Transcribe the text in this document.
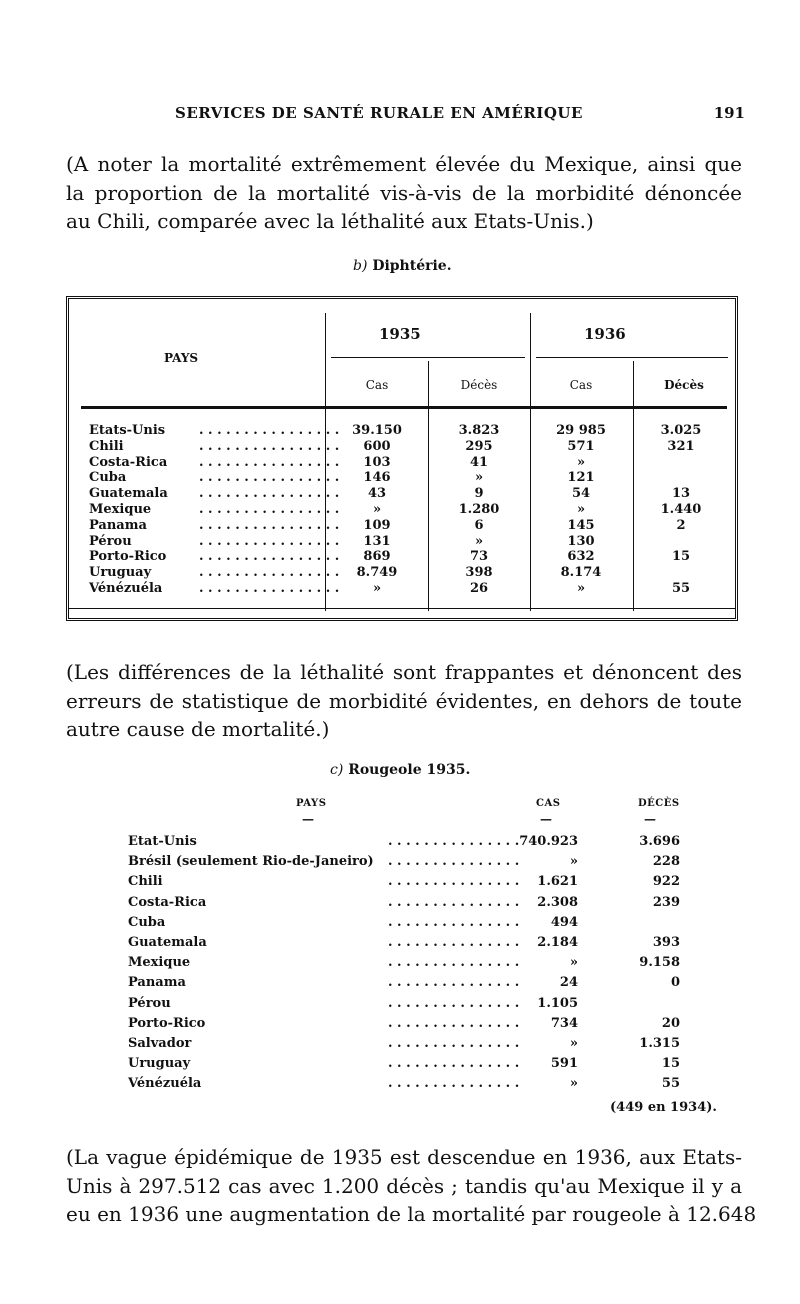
SERVICES DE SANTÉ RURALE EN AMÉRIQUE	191
(A noter la mortalité extrêmement élevée du Mexique, ainsi que
la proportion de la mortalité vis-à-vis de la morbidité dénoncée
au Chili, comparée avec la léthalité aux Etats-Unis.)
b) Diphtérie.
PAYS
1935	1936
Cas	Décès	Cas	Décès
Etats-Unis	. . . . . . . . . . . . . . . . 39.150	3.823	29 985	3.025
Chili	. . . . . . . . . . . . . . . .	600	295	571	321
Costa-Rica . . . . . . . . . . . . . . . .	103	41	»
Cuba	. . . . . . . . . . . . . . . .	146	»	121
Guatemala . . . . . . . . . . . . . . . .	43	9	54	13
Mexique	. . . . . . . . . . . . . . . .	»	1.280	»	1.440
Panama	. . . . . . . . . . . . . . . .	109	6	145	2
Pérou	. . . . . . . . . . . . . . . .	131	»	130
Porto-Rico	. . . . . . . . . . . . . . . .	869	73	632	15
Uruguay	. . . . . . . . . . . . . . . .	8.749	398	8.174
Vénézuéla	. . . . . . . . . . . . . . . .	»	26	»	55
(Les différences de la léthalité sont frappantes et dénoncent des
erreurs de statistique de morbidité évidentes, en dehors de toute
autre cause de mortalité.)
c) Rougeole 1935.
PAYS	CAS	DÉCÈS
—	—	—
Etat-Unis	. . . . . . . . . . . . . . . 740.923	3.696
Brésil (seulement Rio-de-Janeiro) . . . . . . . . . . . . . . .	»	228
Chili	. . . . . . . . . . . . . . .	1.621	922
Costa-Rica	. . . . . . . . . . . . . . .	2.308	239
Cuba	. . . . . . . . . . . . . . .	494
Guatemala	. . . . . . . . . . . . . . .	2.184	393
Mexique	. . . . . . . . . . . . . . .	»	9.158
Panama	. . . . . . . . . . . . . . .	24	0
Pérou	. . . . . . . . . . . . . . .	1.105
Porto-Rico	. . . . . . . . . . . . . . .	734	20
Salvador	. . . . . . . . . . . . . . .	»	1.315
Uruguay	. . . . . . . . . . . . . . .	591	15
Vénézuéla	. . . . . . . . . . . . . . .	»	55
(449 en 1934).
(La vague épidémique de 1935 est descendue en 1936, aux Etats-
Unis à 297.512 cas avec 1.200 décès ; tandis qu'au Mexique il y a
eu en 1936 une augmentation de la mortalité par rougeole à 12.648
